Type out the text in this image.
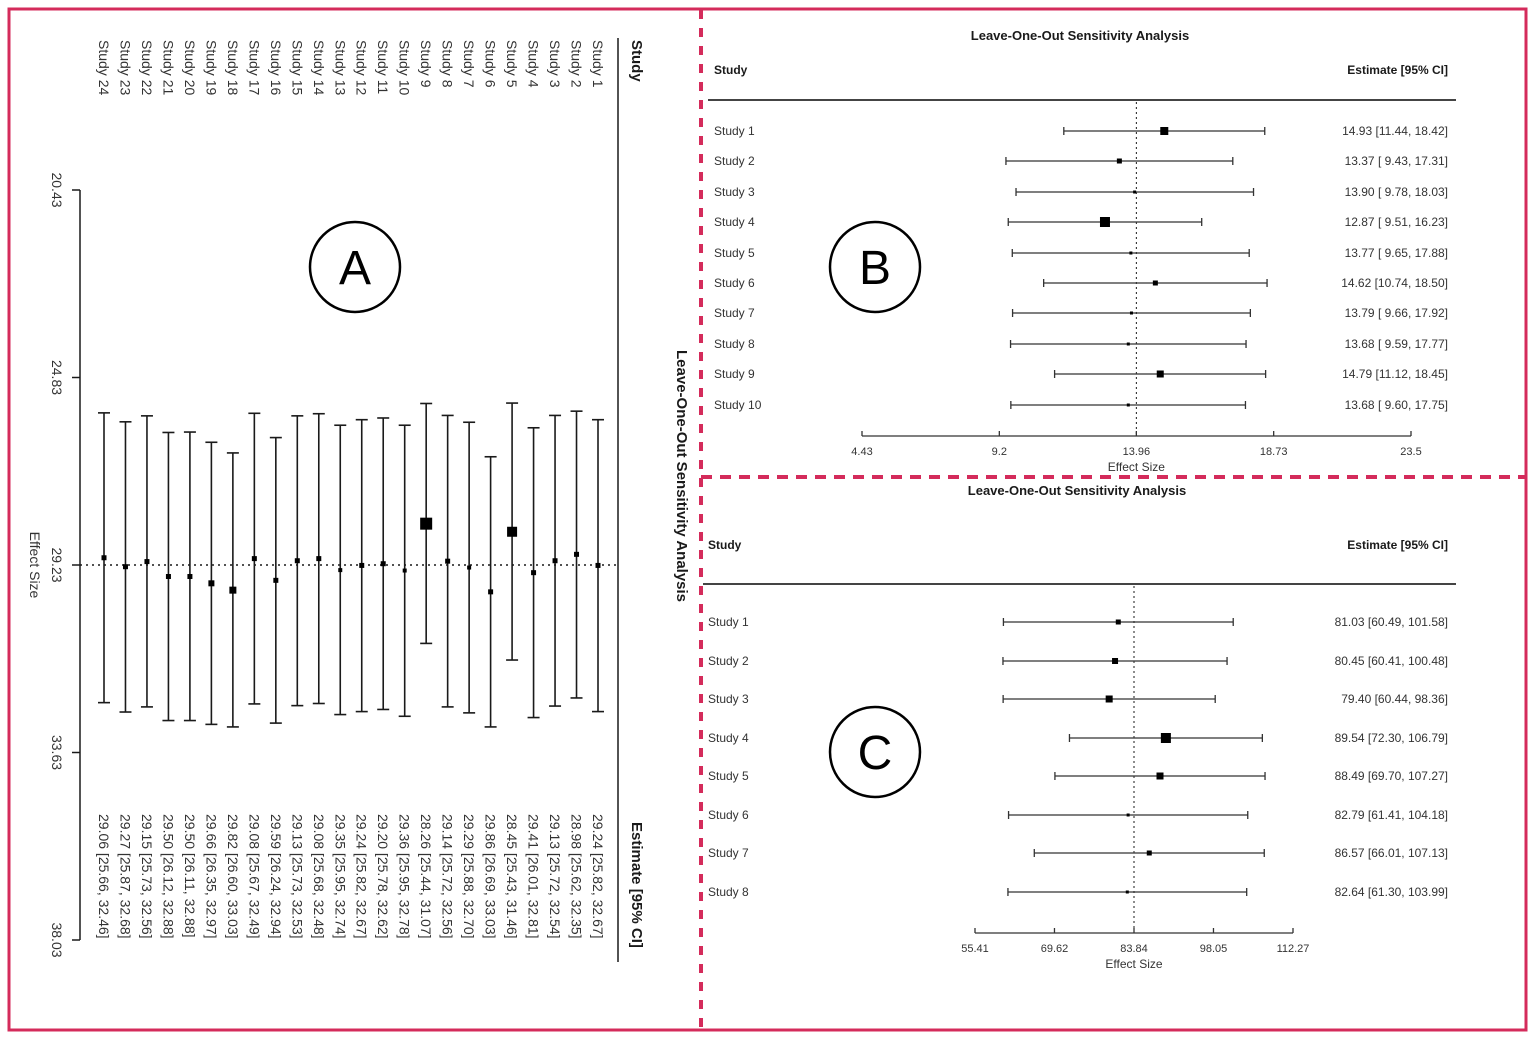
Leave-One-Out Sensitivity Analysis
20.43
24.83
29.23
33.63
38.03
Effect Size
Study
Estimate [95% CI]
Study 1
29.24 [25.82, 32.67]
Study 2
28.98 [25.62, 32.35]
Study 3
29.13 [25.72, 32.54]
Study 4
29.41 [26.01, 32.81]
Study 5
28.45 [25.43, 31.46]
Study 6
29.86 [26.69, 33.03]
Study 7
29.29 [25.88, 32.70]
Study 8
29.14 [25.72, 32.56]
Study 9
28.26 [25.44, 31.07]
Study 10
29.36 [25.95, 32.78]
Study 11
29.20 [25.78, 32.62]
Study 12
29.24 [25.82, 32.67]
Study 13
29.35 [25.95, 32.74]
Study 14
29.08 [25.68, 32.48]
Study 15
29.13 [25.73, 32.53]
Study 16
29.59 [26.24, 32.94]
Study 17
29.08 [25.67, 32.49]
Study 18
29.82 [26.60, 33.03]
Study 19
29.66 [26.35, 32.97]
Study 20
29.50 [26.11, 32.88]
Study 21
29.50 [26.12, 32.88]
Study 22
29.15 [25.73, 32.56]
Study 23
29.27 [25.87, 32.68]
Study 24
29.06 [25.66, 32.46]
A
Leave-One-Out Sensitivity Analysis
Study	Estimate [95% CI]
Study 1	14.93 [11.44, 18.42]
Study 2	13.37 [ 9.43, 17.31]
Study 3	13.90 [ 9.78, 18.03]
Study 4	12.87 [ 9.51, 16.23]
Study 5	13.77 [ 9.65, 17.88]
Study 6	14.62 [10.74, 18.50]
Study 7	13.79 [ 9.66, 17.92]
Study 8	13.68 [ 9.59, 17.77]
Study 9	14.79 [11.12, 18.45]
Study 10	13.68 [ 9.60, 17.75]
4.43	9.2	13.96	18.73	23.5
Effect Size
B
Leave-One-Out Sensitivity Analysis
Study	Estimate [95% CI]
Study 1	81.03 [60.49, 101.58]
Study 2	80.45 [60.41, 100.48]
Study 3	79.40 [60.44, 98.36]
Study 4	89.54 [72.30, 106.79]
Study 5	88.49 [69.70, 107.27]
Study 6	82.79 [61.41, 104.18]
Study 7	86.57 [66.01, 107.13]
Study 8	82.64 [61.30, 103.99]
55.41	69.62	83.84	98.05	112.27
Effect Size
C
